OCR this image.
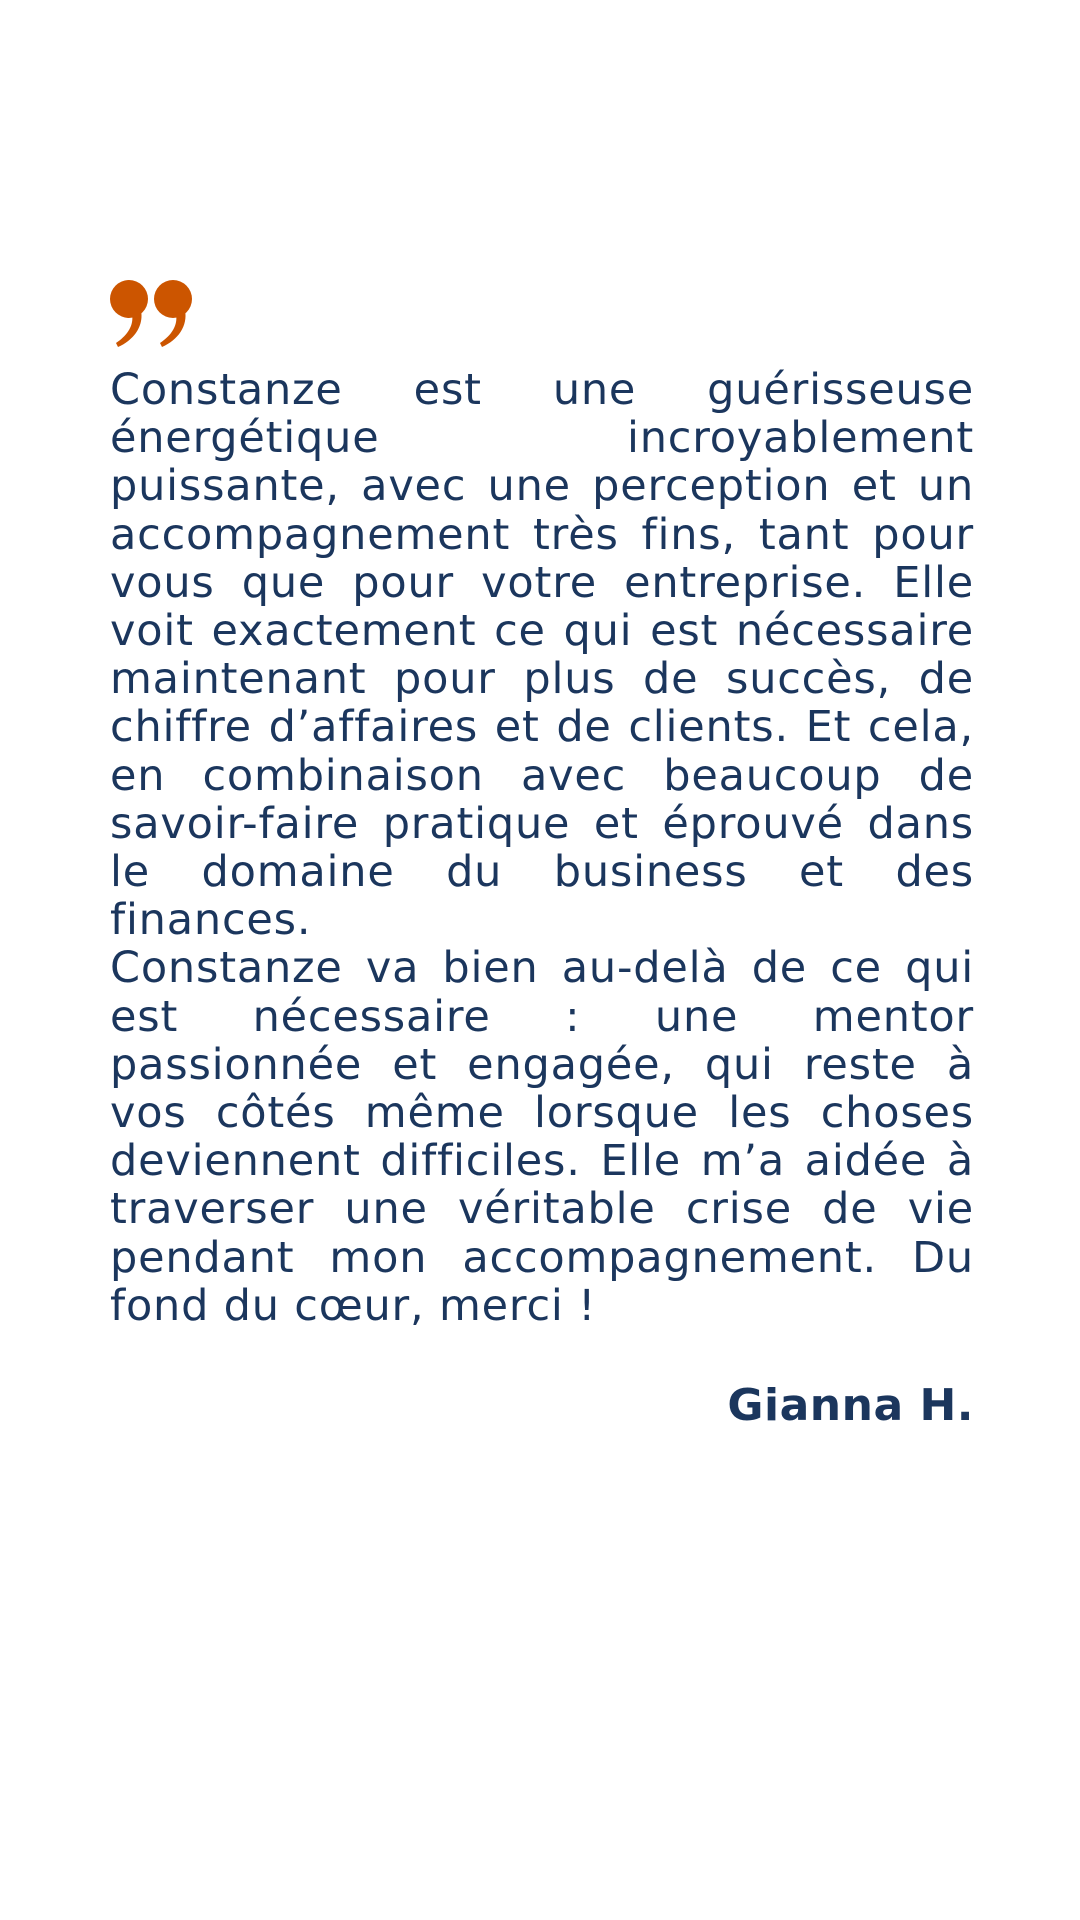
Constanze est une guérisseuse énergétique incroyablement puissante, avec une perception et un accompagnement très fins, tant pour vous que pour votre entreprise. Elle voit exactement ce qui est nécessaire maintenant pour plus de succès, de chiffre d’affaires et de clients. Et cela, en combinaison avec beaucoup de savoir-faire pratique et éprouvé dans le domaine du business et des finances.

Constanze va bien au-delà de ce qui est nécessaire : une mentor passionnée et engagée, qui reste à vos côtés même lorsque les choses deviennent difficiles. Elle m’a aidée à traverser une véritable crise de vie pendant mon accompagnement. Du fond du cœur, merci !

Gianna H.
